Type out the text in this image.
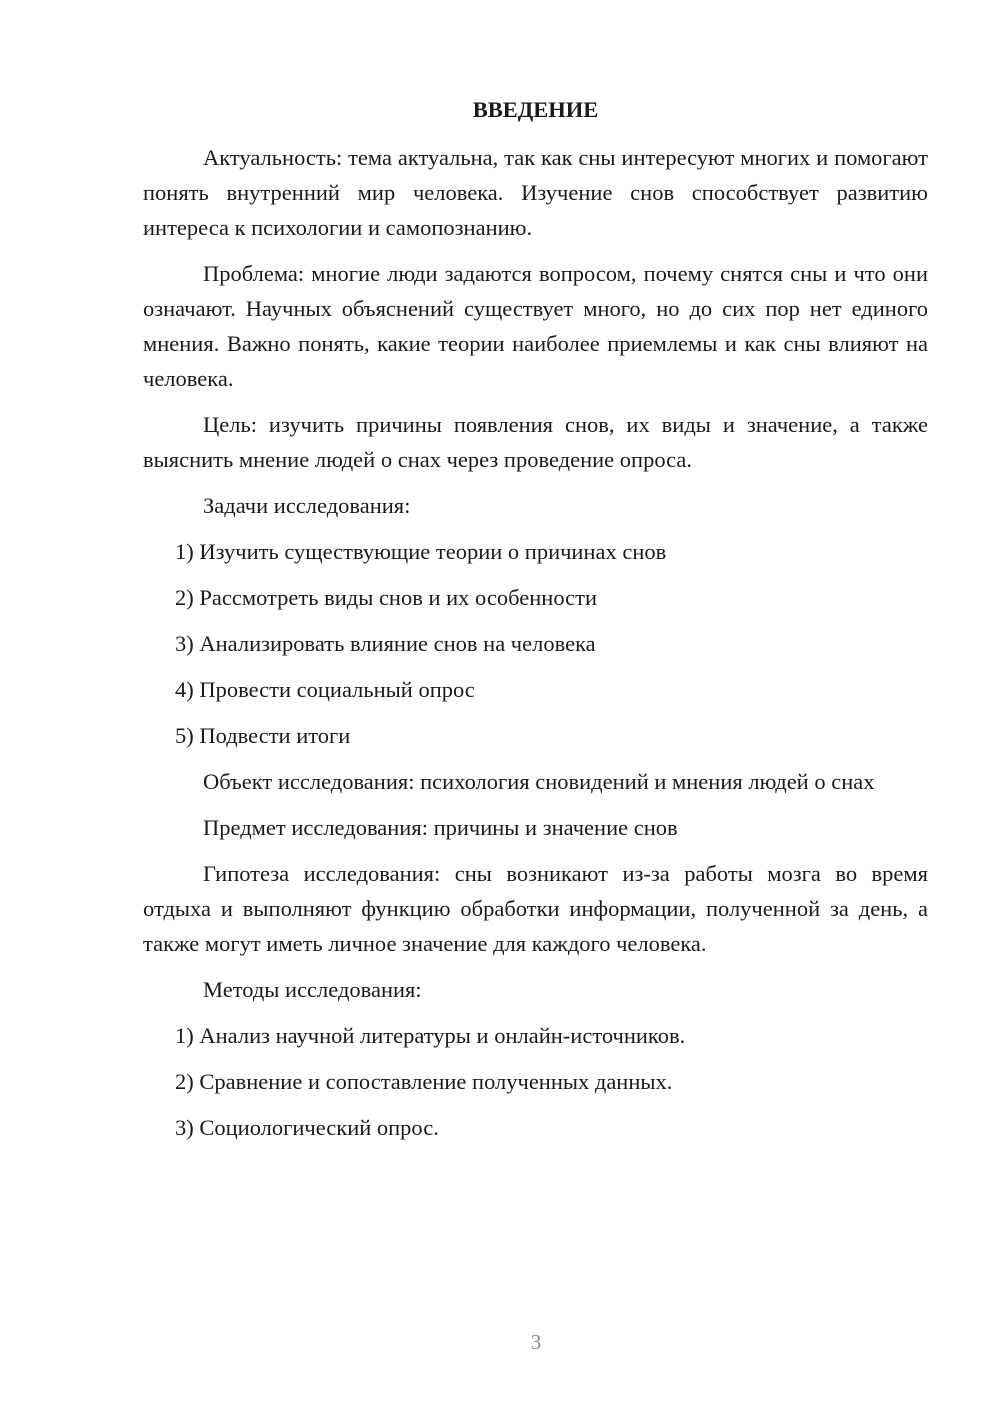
ВВЕДЕНИЕ

Актуальность: тема актуальна, так как сны интересуют многих и помогают понять внутренний мир человека. Изучение снов способствует развитию интереса к психологии и самопознанию.

Проблема: многие люди задаются вопросом, почему снятся сны и что они означают. Научных объяснений существует много, но до сих пор нет единого мнения. Важно понять, какие теории наиболее приемлемы и как сны влияют на человека.

Цель: изучить причины появления снов, их виды и значение, а также выяснить мнение людей о снах через проведение опроса.

Задачи исследования:

1) Изучить существующие теории о причинах снов

2) Рассмотреть виды снов и их особенности

3) Анализировать влияние снов на человека

4) Провести социальный опрос

5) Подвести итоги

Объект исследования: психология сновидений и мнения людей о снах

Предмет исследования: причины и значение снов

Гипотеза исследования: сны возникают из-за работы мозга во время отдыха и выполняют функцию обработки информации, полученной за день, а также могут иметь личное значение для каждого человека.

Методы исследования:

1) Анализ научной литературы и онлайн-источников.

2) Сравнение и сопоставление полученных данных.

3) Социологический опрос.

3
